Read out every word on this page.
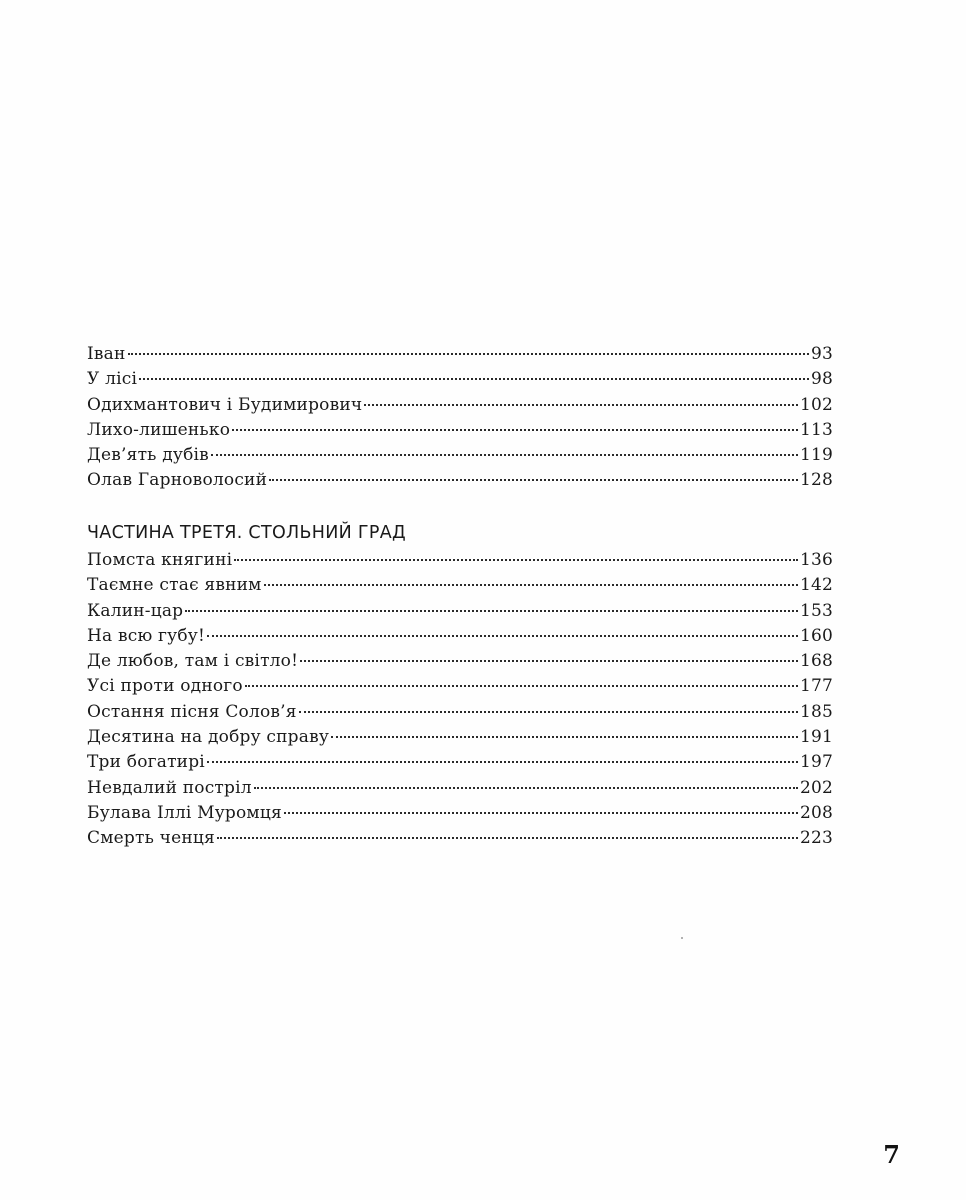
Іван	93
У лісі	98
Одихмантович і Будимирович	102
Лихо-лишенько	113
Дев’ять дубів	119
Олав Гарноволосий	128
ЧАСТИНА ТРЕТЯ. СТОЛЬНИЙ ГРАД
Помста княгині	136
Таємне стає явним	142
Калин-цар	153
На всю губу!	160
Де любов, там і світло!	168
Усі проти одного	177
Остання пісня Солов’я	185
Десятина на добру справу	191
Три богатирі	197
Невдалий постріл	202
Булава Іллі Муромця	208
Смерть ченця	223
7
